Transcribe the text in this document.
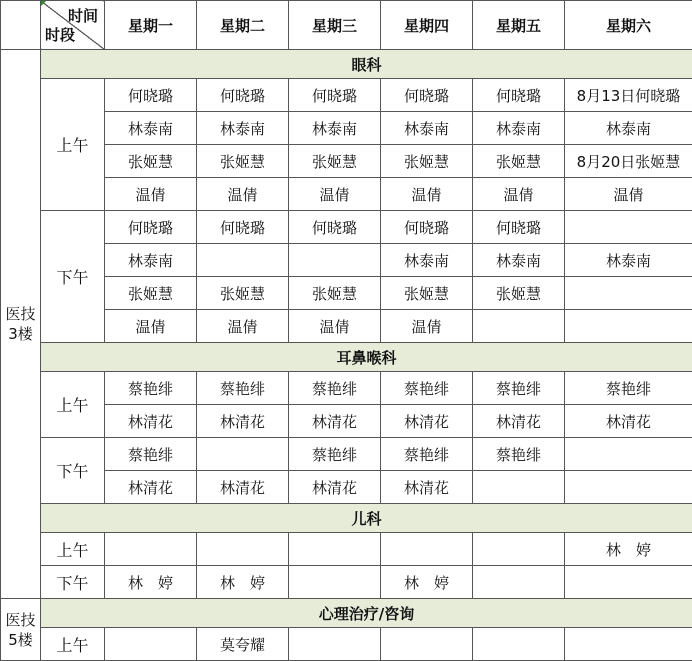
	时间
时段	星期一	星期二	星期三	星期四	星期五	星期六

医技
3楼	眼科						
	上午	何晓璐	何晓璐	何晓璐	何晓璐	何晓璐	8月13日何晓璐
		林泰南	林泰南	林泰南	林泰南	林泰南	林泰南
		张姬慧	张姬慧	张姬慧	张姬慧	张姬慧	8月20日张姬慧
		温倩	温倩	温倩	温倩	温倩	温倩
	下午	何晓璐	何晓璐	何晓璐	何晓璐	何晓璐	
		林泰南			林泰南	林泰南	林泰南
		张姬慧	张姬慧	张姬慧	张姬慧	张姬慧	
		温倩	温倩	温倩	温倩		
	耳鼻喉科						
	上午	蔡艳绯	蔡艳绯	蔡艳绯	蔡艳绯	蔡艳绯	蔡艳绯
		林清花	林清花	林清花	林清花	林清花	林清花
	下午	蔡艳绯		蔡艳绯	蔡艳绯	蔡艳绯	
		林清花	林清花	林清花	林清花		
	儿科						
	上午						林　婷
	下午	林　婷	林　婷		林　婷		

医技
5楼	心理治疗/咨询						
	上午		莫夸耀				
